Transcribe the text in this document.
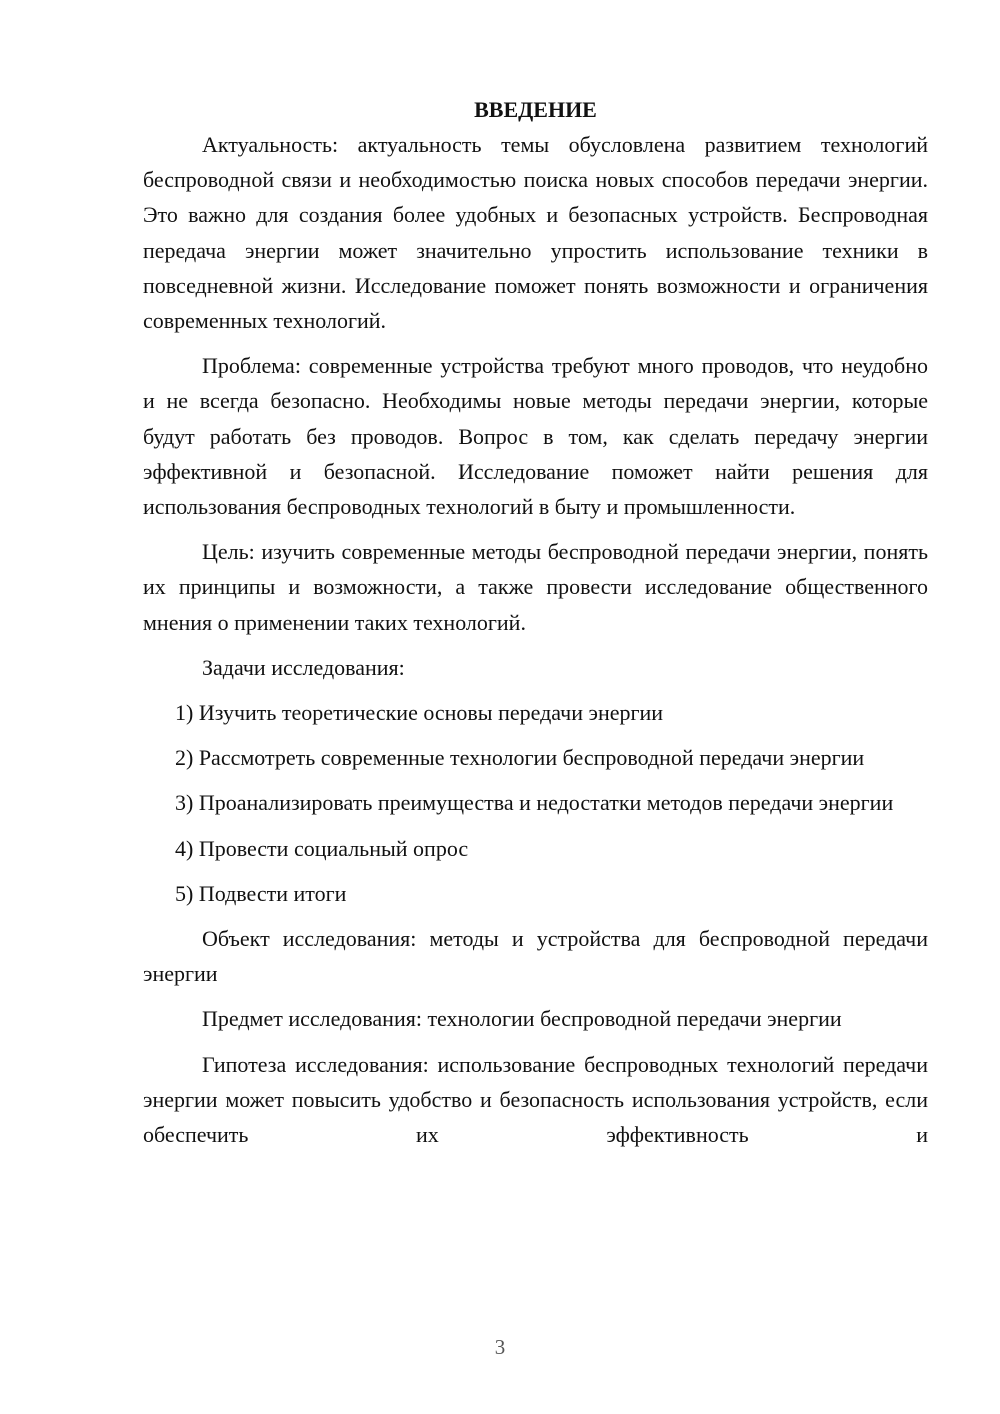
ВВЕДЕНИЕ

Актуальность: актуальность темы обусловлена развитием технологий беспроводной связи и необходимостью поиска новых способов передачи энергии. Это важно для создания более удобных и безопасных устройств. Беспроводная передача энергии может значительно упростить использование техники в повседневной жизни. Исследование поможет понять возможности и ограничения современных технологий.

Проблема: современные устройства требуют много проводов, что неудобно и не всегда безопасно. Необходимы новые методы передачи энергии, которые будут работать без проводов. Вопрос в том, как сделать передачу энергии эффективной и безопасной. Исследование поможет найти решения для использования беспроводных технологий в быту и промышленности.

Цель: изучить современные методы беспроводной передачи энергии, понять их принципы и возможности, а также провести исследование общественного мнения о применении таких технологий.

Задачи исследования:

1) Изучить теоретические основы передачи энергии

2) Рассмотреть современные технологии беспроводной передачи энергии

3) Проанализировать преимущества и недостатки методов передачи энергии

4) Провести социальный опрос

5) Подвести итоги

Объект исследования: методы и устройства для беспроводной передачи энергии

Предмет исследования: технологии беспроводной передачи энергии

Гипотеза исследования: использование беспроводных технологий передачи энергии может повысить удобство и безопасность использования устройств, если обеспечить их эффективность и

3
